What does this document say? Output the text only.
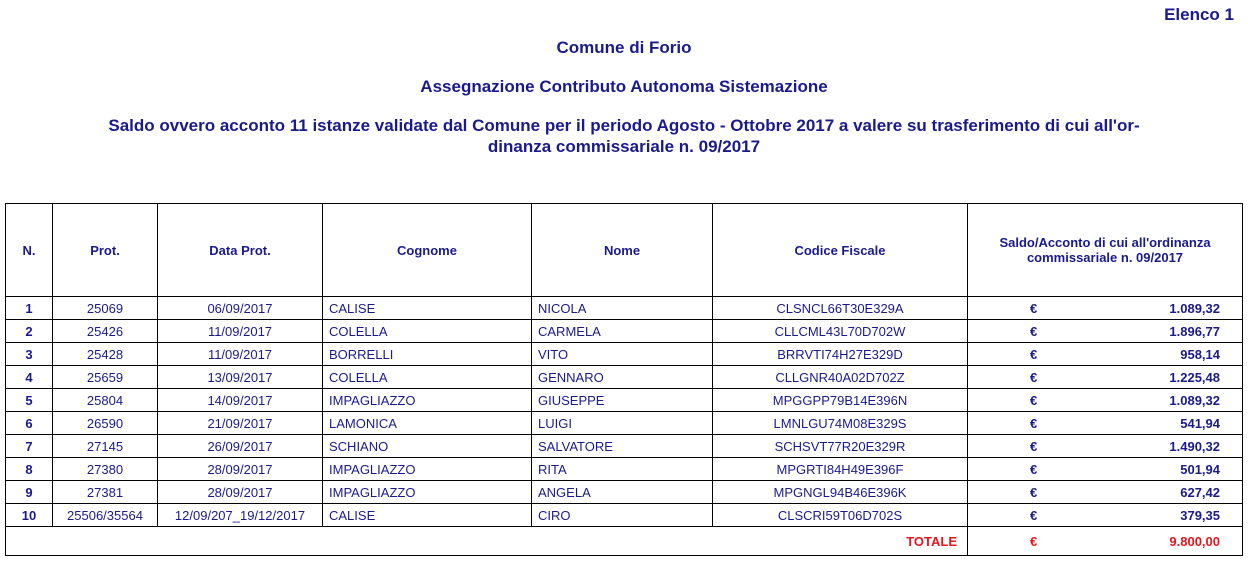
Elenco 1
Comune di Forio
Assegnazione Contributo Autonoma Sistemazione
Saldo ovvero acconto 11 istanze validate dal Comune per il periodo Agosto - Ottobre 2017 a valere su trasferimento di cui all'or-
dinanza commissariale n. 09/2017
N.	Prot.	Data Prot.	Cognome	Nome	Codice Fiscale	Saldo/Acconto di cui all'ordinanza
commissariale n. 09/2017

1	25069	06/09/2017	CALISE	NICOLA	CLSNCL66T30E329A	€ 1.089,32
2	25426	11/09/2017	COLELLA	CARMELA	CLLCML43L70D702W	€ 1.896,77
3	25428	11/09/2017	BORRELLI	VITO	BRRVTI74H27E329D	€ 958,14
4	25659	13/09/2017	COLELLA	GENNARO	CLLGNR40A02D702Z	€ 1.225,48
5	25804	14/09/2017	IMPAGLIAZZO	GIUSEPPE	MPGGPP79B14E396N	€ 1.089,32
6	26590	21/09/2017	LAMONICA	LUIGI	LMNLGU74M08E329S	€ 541,94
7	27145	26/09/2017	SCHIANO	SALVATORE	SCHSVT77R20E329R	€ 1.490,32
8	27380	28/09/2017	IMPAGLIAZZO	RITA	MPGRTI84H49E396F	€ 501,94
9	27381	28/09/2017	IMPAGLIAZZO	ANGELA	MPGNGL94B46E396K	€ 627,42
10	25506/35564	12/09/207_19/12/2017	CALISE	CIRO	CLSCRI59T06D702S	€ 379,35
					TOTALE	€ 9.800,00
